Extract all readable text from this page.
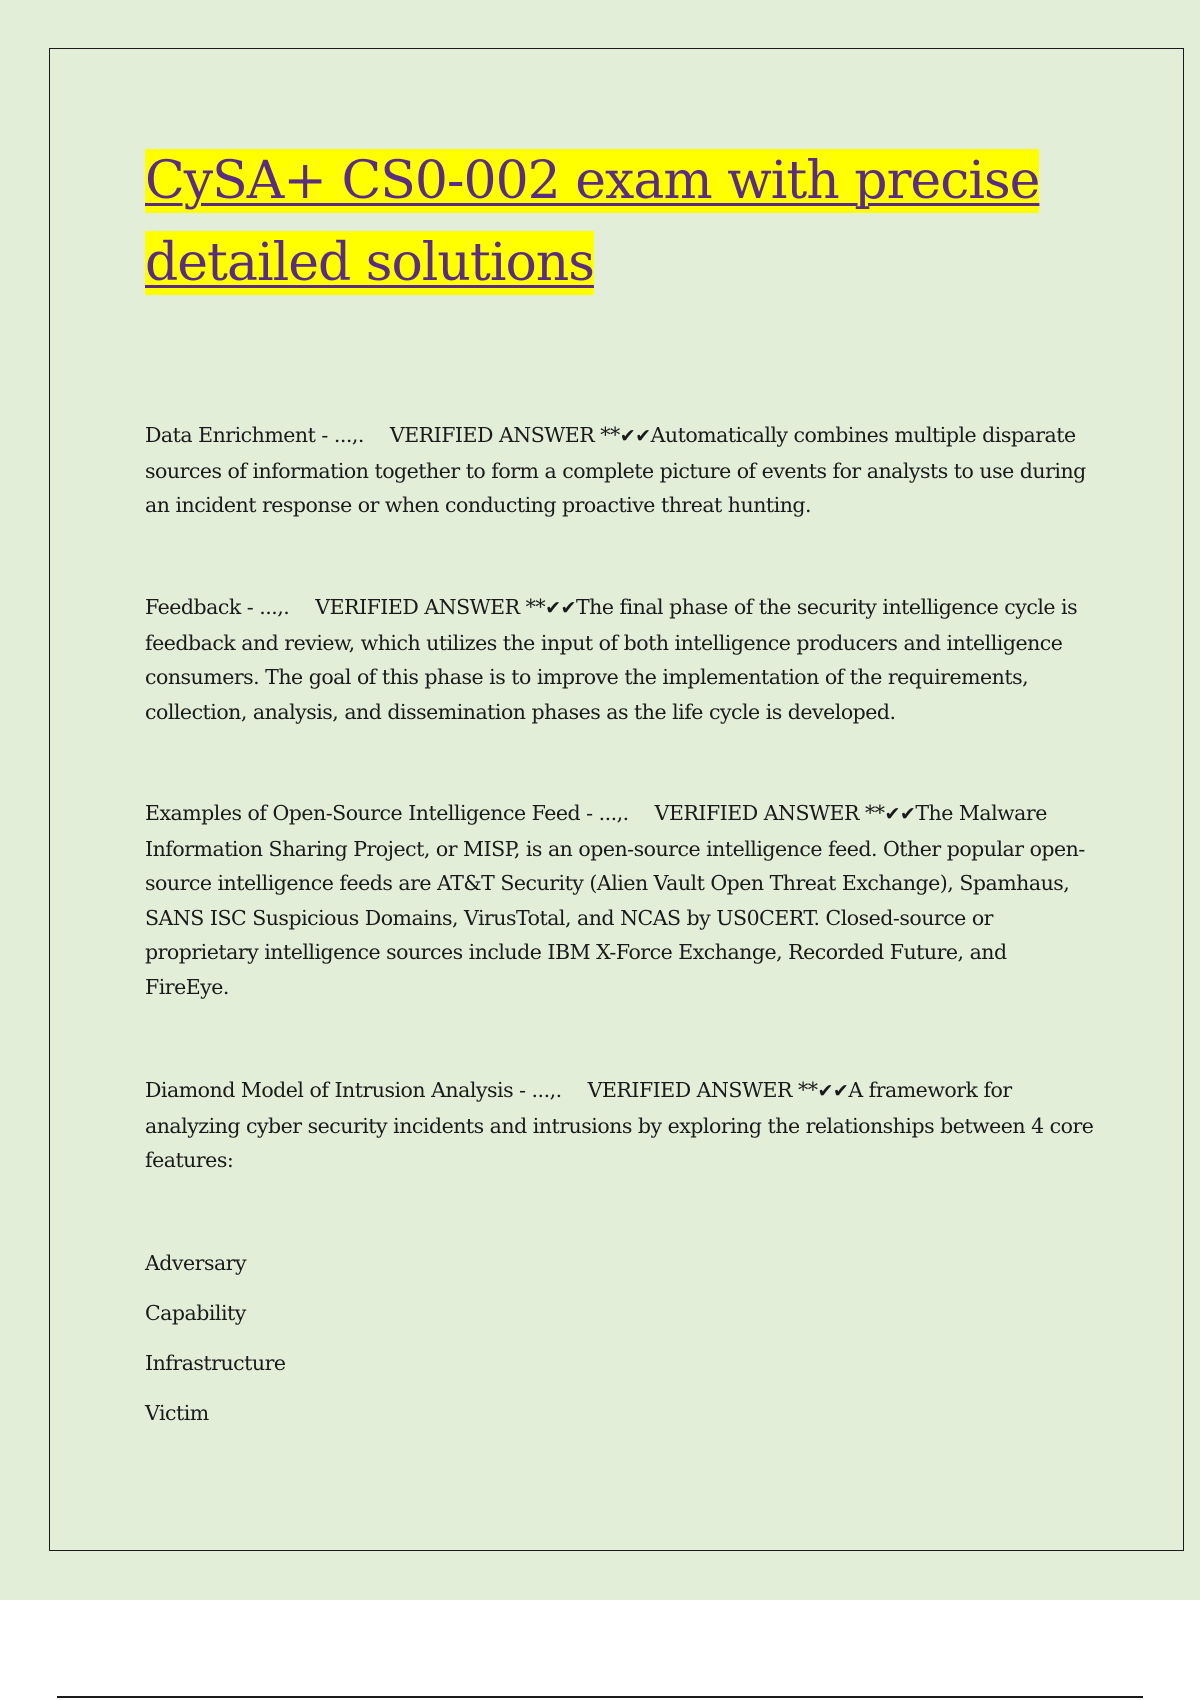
CySA+ CS0-002 exam with precise
detailed solutions

Data Enrichment - ...,. VERIFIED ANSWER **✔✔Automatically combines multiple disparate sources of information together to form a complete picture of events for analysts to use during an incident response or when conducting proactive threat hunting.

Feedback - ...,. VERIFIED ANSWER **✔✔The final phase of the security intelligence cycle is feedback and review, which utilizes the input of both intelligence producers and intelligence consumers. The goal of this phase is to improve the implementation of the requirements, collection, analysis, and dissemination phases as the life cycle is developed.

Examples of Open-Source Intelligence Feed - ...,. VERIFIED ANSWER **✔✔The Malware Information Sharing Project, or MISP, is an open-source intelligence feed. Other popular open-source intelligence feeds are AT&T Security (Alien Vault Open Threat Exchange), Spamhaus, SANS ISC Suspicious Domains, VirusTotal, and NCAS by US0CERT. Closed-source or proprietary intelligence sources include IBM X-Force Exchange, Recorded Future, and FireEye.

Diamond Model of Intrusion Analysis - ...,. VERIFIED ANSWER **✔✔A framework for analyzing cyber security incidents and intrusions by exploring the relationships between 4 core features:

Adversary
Capability
Infrastructure
Victim
